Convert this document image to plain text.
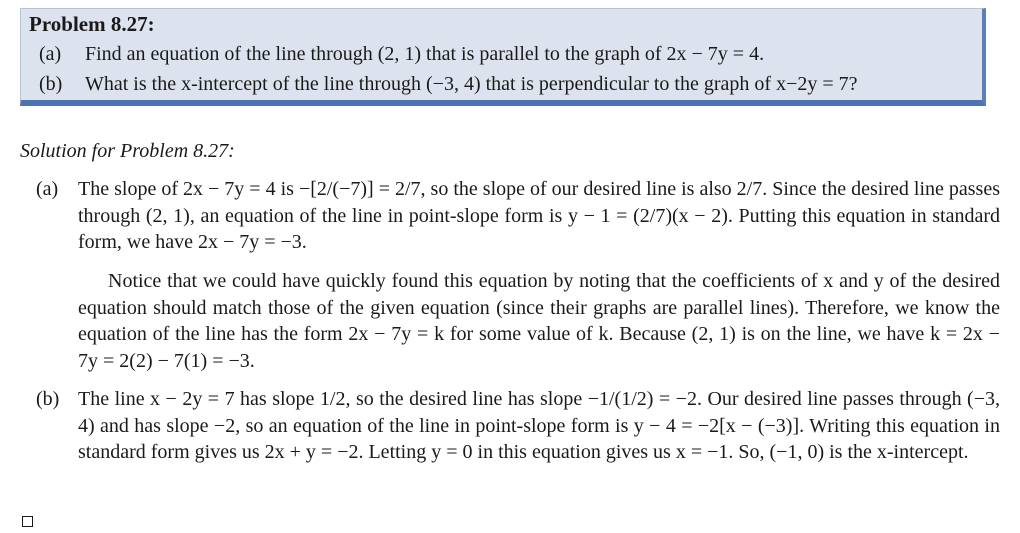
Problem 8.27:
(a) Find an equation of the line through (2, 1) that is parallel to the graph of 2x − 7y = 4.
(b) What is the x-intercept of the line through (−3, 4) that is perpendicular to the graph of x−2y = 7?
Solution for Problem 8.27:
(a) The slope of 2x − 7y = 4 is −[2/(−7)] = 2/7, so the slope of our desired line is also 2/7. Since the desired line passes through (2, 1), an equation of the line in point-slope form is y − 1 = (2/7)(x − 2). Putting this equation in standard form, we have 2x − 7y = −3.
Notice that we could have quickly found this equation by noting that the coefficients of x and y of the desired equation should match those of the given equation (since their graphs are parallel lines). Therefore, we know the equation of the line has the form 2x − 7y = k for some value of k. Because (2, 1) is on the line, we have k = 2x − 7y = 2(2) − 7(1) = −3.
(b) The line x − 2y = 7 has slope 1/2, so the desired line has slope −1/(1/2) = −2. Our desired line passes through (−3, 4) and has slope −2, so an equation of the line in point-slope form is y − 4 = −2[x − (−3)]. Writing this equation in standard form gives us 2x + y = −2. Letting y = 0 in this equation gives us x = −1. So, (−1, 0) is the x-intercept.
